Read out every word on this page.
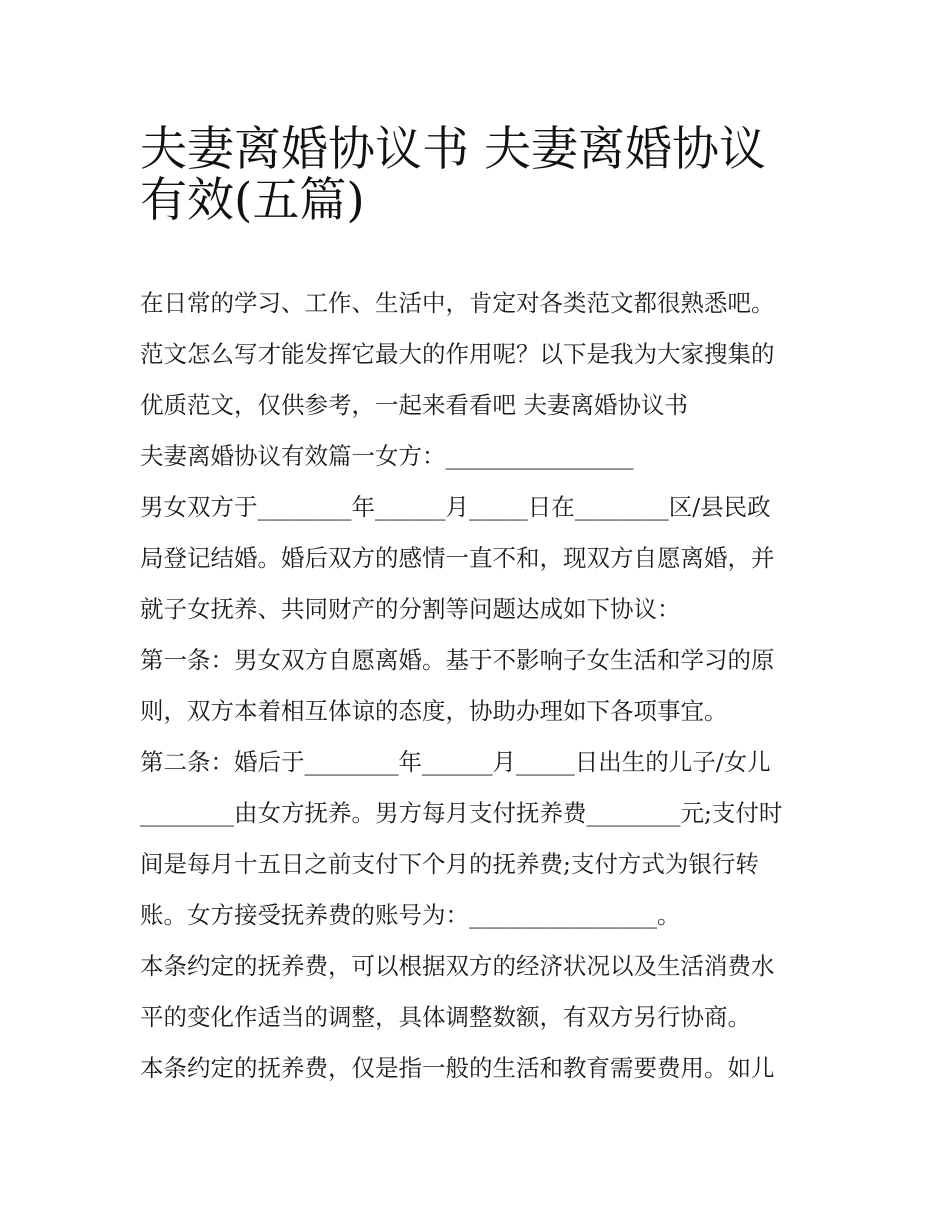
夫妻离婚协议书 夫妻离婚协议
有效(五篇)

在日常的学习、工作、生活中，肯定对各类范文都很熟悉吧。

范文怎么写才能发挥它最大的作用呢？以下是我为大家搜集的

优质范文，仅供参考，一起来看看吧 夫妻离婚协议书

夫妻离婚协议有效篇一女方：________________

男女双方于________年______月_____日在________区/县民政

局登记结婚。婚后双方的感情一直不和，现双方自愿离婚，并

就子女抚养、共同财产的分割等问题达成如下协议：

第一条：男女双方自愿离婚。基于不影响子女生活和学习的原

则，双方本着相互体谅的态度，协助办理如下各项事宜。

第二条：婚后于________年______月_____日出生的儿子/女儿

________由女方抚养。男方每月支付抚养费________元;支付时

间是每月十五日之前支付下个月的抚养费;支付方式为银行转

账。女方接受抚养费的账号为：________________。

本条约定的抚养费，可以根据双方的经济状况以及生活消费水

平的变化作适当的调整，具体调整数额，有双方另行协商。

本条约定的抚养费，仅是指一般的生活和教育需要费用。如儿
